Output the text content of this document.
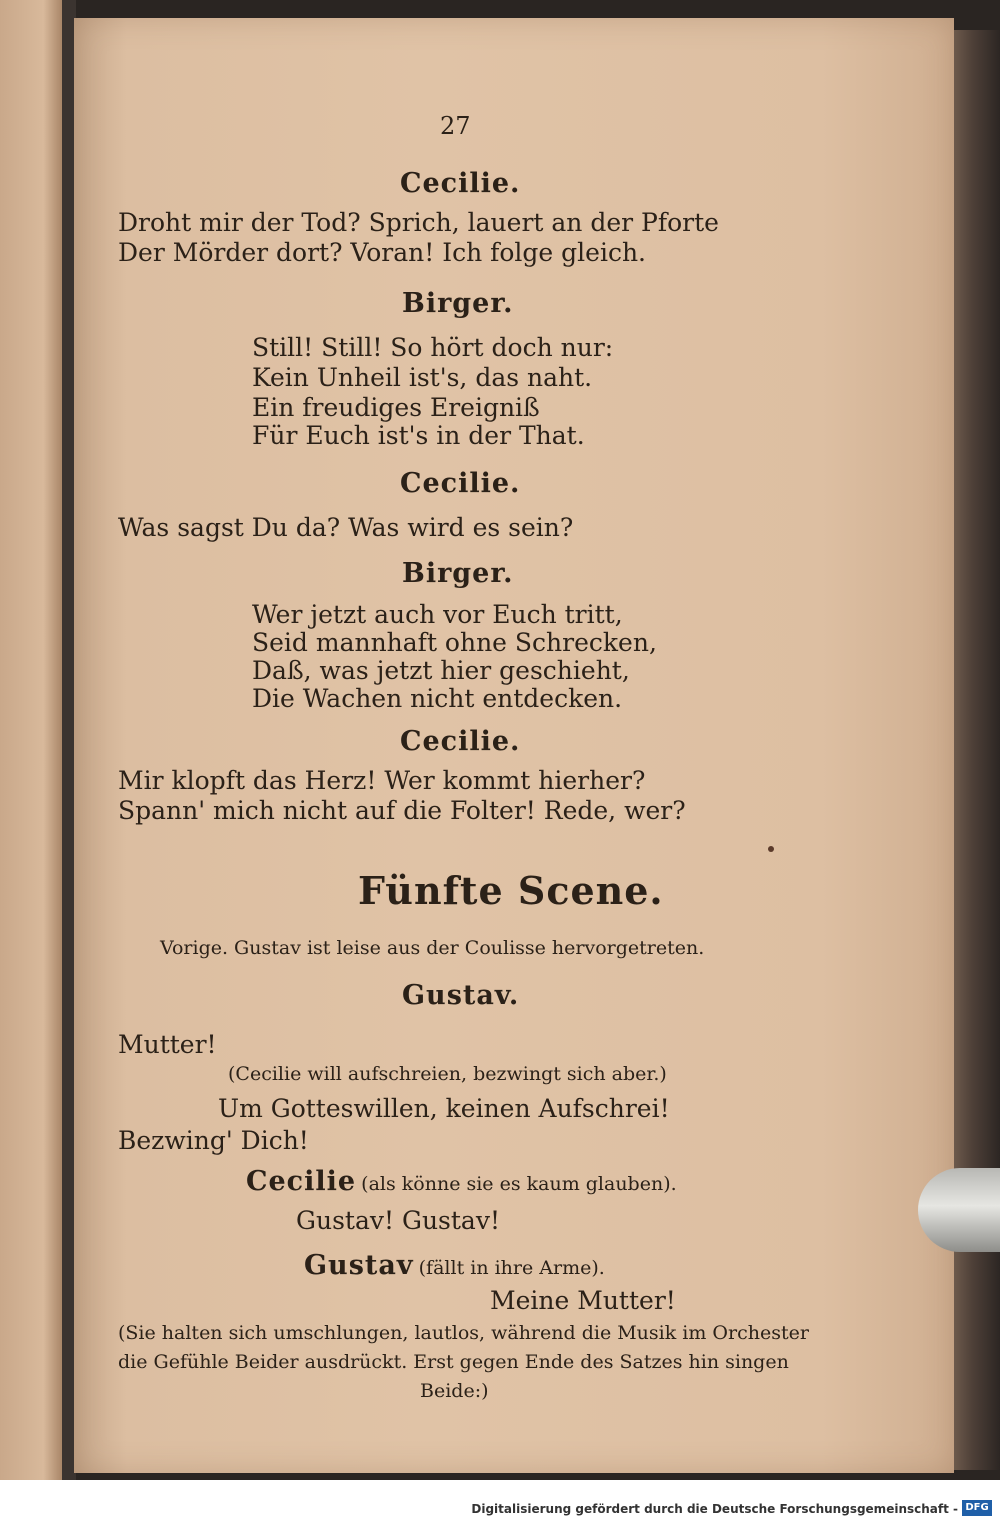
27
Cecilie.
Droht mir der Tod? Sprich, lauert an der Pforte
Der Mörder dort? Voran! Ich folge gleich.
Birger.
Still! Still! So hört doch nur:
Kein Unheil ist's, das naht.
Ein freudiges Ereigniß
Für Euch ist's in der That.
Cecilie.
Was sagst Du da? Was wird es sein?
Birger.
Wer jetzt auch vor Euch tritt,
Seid mannhaft ohne Schrecken,
Daß, was jetzt hier geschieht,
Die Wachen nicht entdecken.
Cecilie.
Mir klopft das Herz! Wer kommt hierher?
Spann' mich nicht auf die Folter! Rede, wer?
Fünfte Scene.
Vorige. Gustav ist leise aus der Coulisse hervorgetreten.
Gustav.
Mutter!
(Cecilie will aufschreien, bezwingt sich aber.)
Um Gotteswillen, keinen Aufschrei!
Bezwing' Dich!
Cecilie (als könne sie es kaum glauben).
Gustav! Gustav!
Gustav (fällt in ihre Arme).
Meine Mutter!
(Sie halten sich umschlungen, lautlos, während die Musik im Orchester
die Gefühle Beider ausdrückt. Erst gegen Ende des Satzes hin singen
Beide:)
Digitalisierung gefördert durch die Deutsche Forschungsgemeinschaft - DFG
